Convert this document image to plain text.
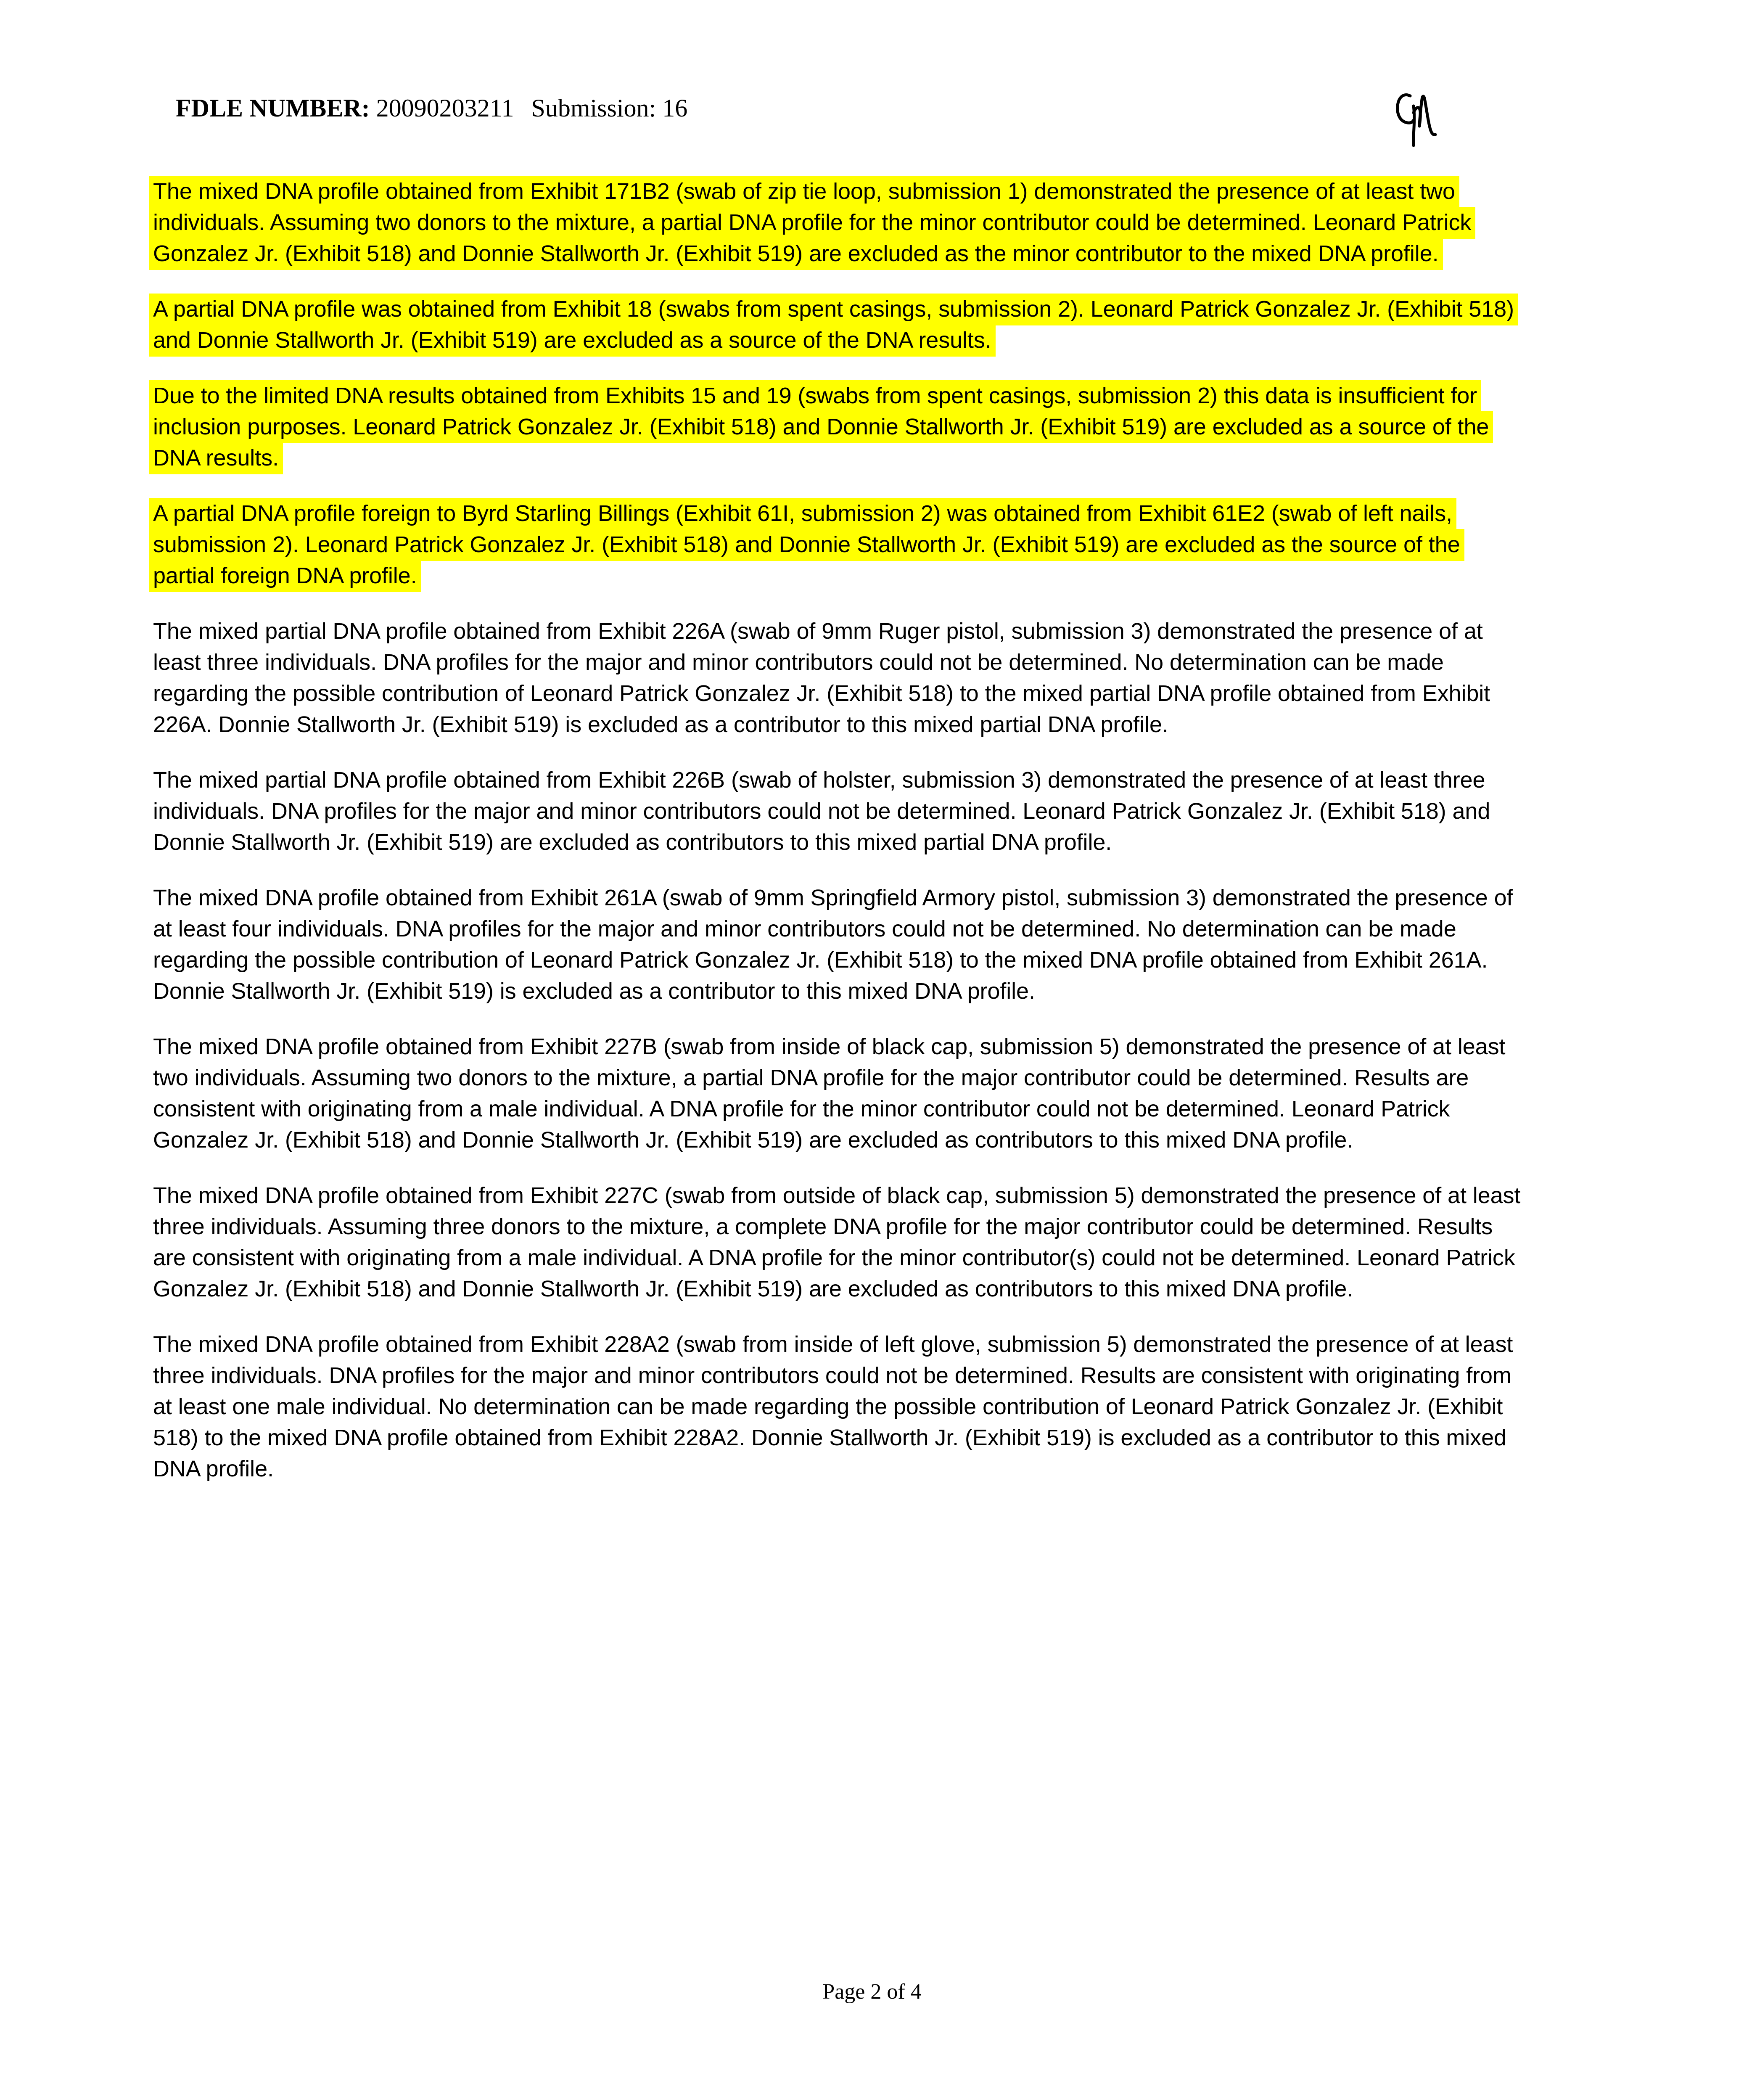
FDLE NUMBER: 20090203211 Submission: 16

The mixed DNA profile obtained from Exhibit 171B2 (swab of zip tie loop, submission 1) demonstrated the presence of at least two individuals. Assuming two donors to the mixture, a partial DNA profile for the minor contributor could be determined. Leonard Patrick Gonzalez Jr. (Exhibit 518) and Donnie Stallworth Jr. (Exhibit 519) are excluded as the minor contributor to the mixed DNA profile.

A partial DNA profile was obtained from Exhibit 18 (swabs from spent casings, submission 2). Leonard Patrick Gonzalez Jr. (Exhibit 518) and Donnie Stallworth Jr. (Exhibit 519) are excluded as a source of the DNA results.

Due to the limited DNA results obtained from Exhibits 15 and 19 (swabs from spent casings, submission 2) this data is insufficient for inclusion purposes. Leonard Patrick Gonzalez Jr. (Exhibit 518) and Donnie Stallworth Jr. (Exhibit 519) are excluded as a source of the DNA results.

A partial DNA profile foreign to Byrd Starling Billings (Exhibit 61I, submission 2) was obtained from Exhibit 61E2 (swab of left nails, submission 2). Leonard Patrick Gonzalez Jr. (Exhibit 518) and Donnie Stallworth Jr. (Exhibit 519) are excluded as the source of the partial foreign DNA profile.

The mixed partial DNA profile obtained from Exhibit 226A (swab of 9mm Ruger pistol, submission 3) demonstrated the presence of at least three individuals. DNA profiles for the major and minor contributors could not be determined. No determination can be made regarding the possible contribution of Leonard Patrick Gonzalez Jr. (Exhibit 518) to the mixed partial DNA profile obtained from Exhibit 226A. Donnie Stallworth Jr. (Exhibit 519) is excluded as a contributor to this mixed partial DNA profile.

The mixed partial DNA profile obtained from Exhibit 226B (swab of holster, submission 3) demonstrated the presence of at least three individuals. DNA profiles for the major and minor contributors could not be determined. Leonard Patrick Gonzalez Jr. (Exhibit 518) and Donnie Stallworth Jr. (Exhibit 519) are excluded as contributors to this mixed partial DNA profile.

The mixed DNA profile obtained from Exhibit 261A (swab of 9mm Springfield Armory pistol, submission 3) demonstrated the presence of at least four individuals. DNA profiles for the major and minor contributors could not be determined. No determination can be made regarding the possible contribution of Leonard Patrick Gonzalez Jr. (Exhibit 518) to the mixed DNA profile obtained from Exhibit 261A. Donnie Stallworth Jr. (Exhibit 519) is excluded as a contributor to this mixed DNA profile.

The mixed DNA profile obtained from Exhibit 227B (swab from inside of black cap, submission 5) demonstrated the presence of at least two individuals. Assuming two donors to the mixture, a partial DNA profile for the major contributor could be determined. Results are consistent with originating from a male individual. A DNA profile for the minor contributor could not be determined. Leonard Patrick Gonzalez Jr. (Exhibit 518) and Donnie Stallworth Jr. (Exhibit 519) are excluded as contributors to this mixed DNA profile.

The mixed DNA profile obtained from Exhibit 227C (swab from outside of black cap, submission 5) demonstrated the presence of at least three individuals. Assuming three donors to the mixture, a complete DNA profile for the major contributor could be determined. Results are consistent with originating from a male individual. A DNA profile for the minor contributor(s) could not be determined. Leonard Patrick Gonzalez Jr. (Exhibit 518) and Donnie Stallworth Jr. (Exhibit 519) are excluded as contributors to this mixed DNA profile.

The mixed DNA profile obtained from Exhibit 228A2 (swab from inside of left glove, submission 5) demonstrated the presence of at least three individuals. DNA profiles for the major and minor contributors could not be determined. Results are consistent with originating from at least one male individual. No determination can be made regarding the possible contribution of Leonard Patrick Gonzalez Jr. (Exhibit 518) to the mixed DNA profile obtained from Exhibit 228A2. Donnie Stallworth Jr. (Exhibit 519) is excluded as a contributor to this mixed DNA profile.

Page 2 of 4
